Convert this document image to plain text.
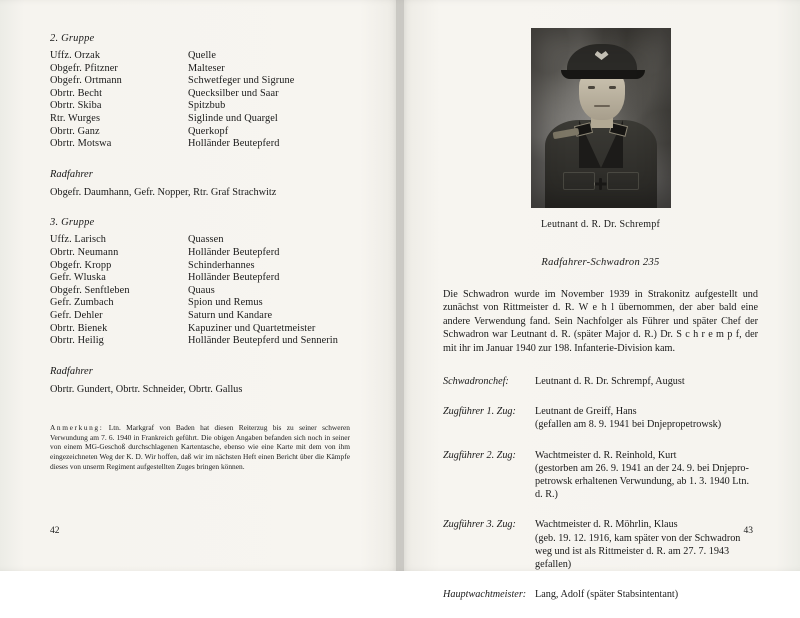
2. Gruppe
Uffz. Orzak	Quelle
Obgefr. Pfitzner	Malteser
Obgefr. Ortmann	Schwetfeger und Sigrune
Obrtr. Becht	Quecksilber und Saar
Obrtr. Skiba	Spitzbub
Rtr. Wurges	Siglinde und Quargel
Obrtr. Ganz	Querkopf
Obrtr. Motswa	Holländer Beutepferd
Radfahrer
Obgefr. Daumhann, Gefr. Nopper, Rtr. Graf Strachwitz
3. Gruppe
Uffz. Larisch	Quassen
Obrtr. Neumann	Holländer Beutepferd
Obgefr. Kropp	Schinderhannes
Gefr. Wluska	Holländer Beutepferd
Obgefr. Senftleben	Quaus
Gefr. Zumbach	Spion und Remus
Gefr. Dehler	Saturn und Kandare
Obrtr. Bienek	Kapuziner und Quartetmeister
Obrtr. Heilig	Holländer Beutepferd und Sennerin
Radfahrer
Obrtr. Gundert, Obrtr. Schneider, Obrtr. Gallus
Anmerkung: Ltn. Markgraf von Baden hat diesen Reiterzug bis zu seiner schweren Verwundung am 7. 6. 1940 in Frankreich geführt. Die obigen Angaben befanden sich noch in seiner von einem MG-Geschoß durchschlagenen Kartentasche, ebenso wie eine Karte mit dem von ihm eingezeichneten Weg der K. D. Wir hoffen, daß wir im nächsten Heft einen Bericht über die Kämpfe dieses von unserm Regiment aufgestellten Zuges bringen können.
42
Leutnant d. R. Dr. Schrempf
Radfahrer-Schwadron 235
Die Schwadron wurde im November 1939 in Strakonitz aufgestellt und zunächst von Rittmeister d. R. W e h l übernommen, der aber bald eine andere Verwendung fand. Sein Nachfolger als Führer und später Chef der Schwadron war Leutnant d. R. (später Major d. R.) Dr. S c h r e m p f, der mit ihr im Januar 1940 zur 198. Infanterie-Division kam.
Schwadronchef:	Leutnant d. R. Dr. Schrempf, August
Zugführer 1. Zug:	Leutnant de Greiff, Hans
(gefallen am 8. 9. 1941 bei Dnjepropetrowsk)
Zugführer 2. Zug:	Wachtmeister d. R. Reinhold, Kurt
(gestorben am 26. 9. 1941 an der 24. 9. bei Dnjepro-petrowsk erhaltenen Verwundung, ab 1. 3. 1940 Ltn. d. R.)
Zugführer 3. Zug:	Wachtmeister d. R. Möhrlin, Klaus
(geb. 19. 12. 1916, kam später von der Schwadron weg und ist als Rittmeister d. R. am 27. 7. 1943 gefallen)
Hauptwachtmeister: Lang, Adolf (später Stabsintentant)
43
